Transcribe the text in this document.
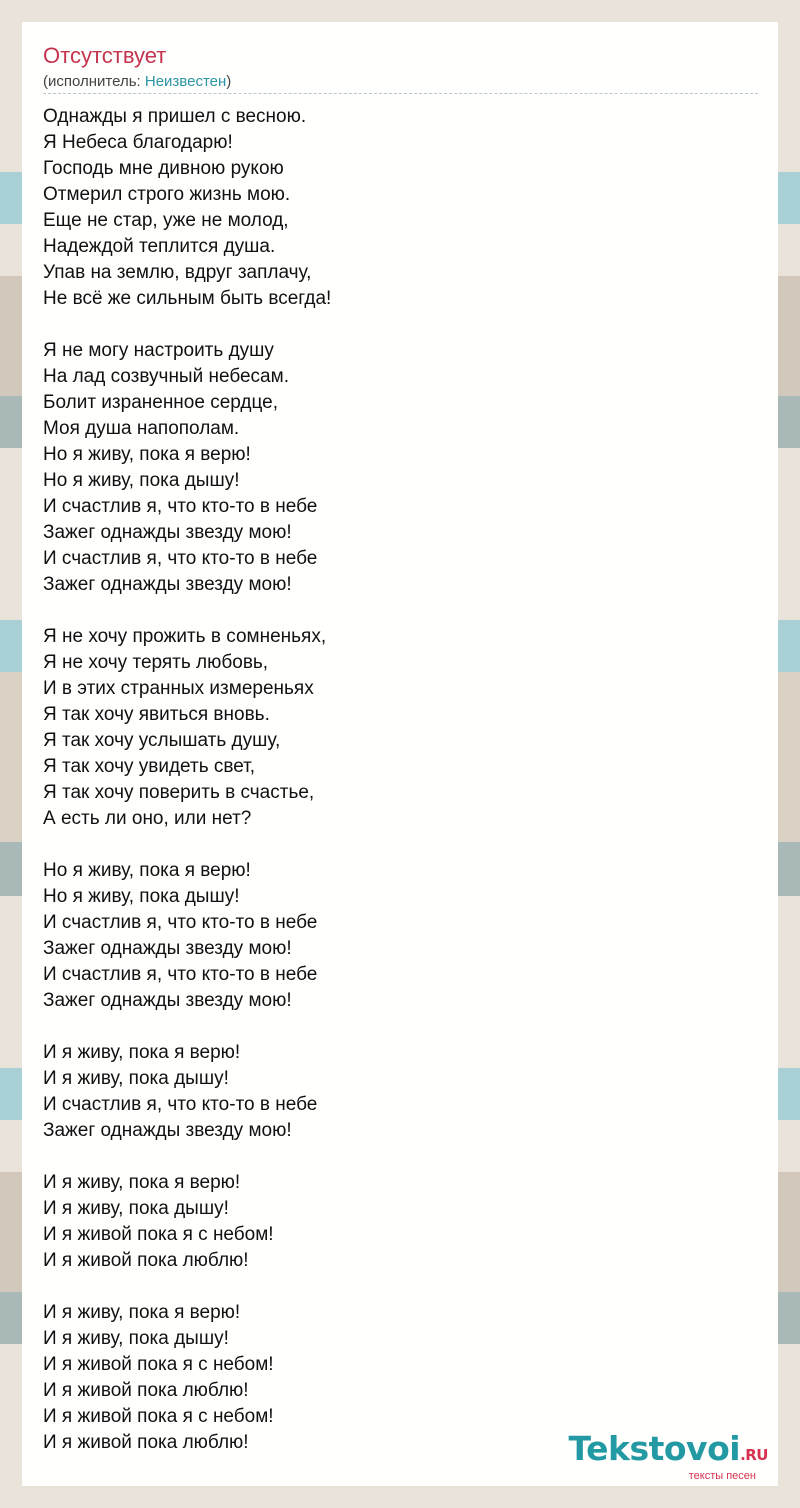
Отсутствует
(исполнитель: Неизвестен)
Однажды я пришел с весною.
Я Небеса благодарю!
Господь мне дивною рукою
Отмерил строго жизнь мою.
Еще не стар, уже не молод,
Надеждой теплится душа.
Упав на землю, вдруг заплачу,
Не всё же сильным быть всегда!
Я не могу настроить душу
На лад созвучный небесам.
Болит израненное сердце,
Моя душа напополам.
Но я живу, пока я верю!
Но я живу, пока дышу!
И счастлив я, что кто-то в небе
Зажег однажды звезду мою!
И счастлив я, что кто-то в небе
Зажег однажды звезду мою!
Я не хочу прожить в сомненьях,
Я не хочу терять любовь,
И в этих странных измереньях
Я так хочу явиться вновь.
Я так хочу услышать душу,
Я так хочу увидеть свет,
Я так хочу поверить в счастье,
А есть ли оно, или нет?
Но я живу, пока я верю!
Но я живу, пока дышу!
И счастлив я, что кто-то в небе
Зажег однажды звезду мою!
И счастлив я, что кто-то в небе
Зажег однажды звезду мою!
И я живу, пока я верю!
И я живу, пока дышу!
И счастлив я, что кто-то в небе
Зажег однажды звезду мою!
И я живу, пока я верю!
И я живу, пока дышу!
И я живой пока я с небом!
И я живой пока люблю!
И я живу, пока я верю!
И я живу, пока дышу!
И я живой пока я с небом!
И я живой пока люблю!
И я живой пока я с небом!
И я живой пока люблю!	Tekstovoi.RU
тексты песен
